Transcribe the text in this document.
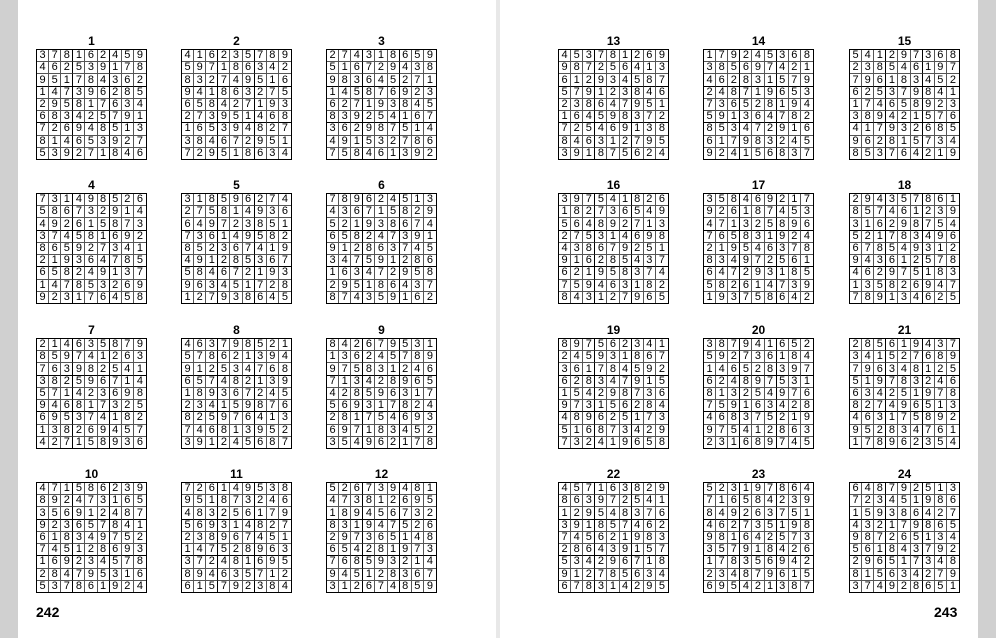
1
3 7 8 1 6 2 4 5 9
4 6 2 5 3 9 1 7 8
9 5 1 7 8 4 3 6 2
1 4 7 3 9 6 2 8 5
2 9 5 8 1 7 6 3 4
6 8 3 4 2 5 7 9 1
7 2 6 9 4 8 5 1 3
8 1 4 6 5 3 9 2 7
5 3 9 2 7 1 8 4 6
2
4 1 6 2 3 5 7 8 9
5 9 7 1 8 6 3 4 2
8 3 2 7 4 9 5 1 6
9 4 1 8 6 3 2 7 5
6 5 8 4 2 7 1 9 3
2 7 3 9 5 1 4 6 8
1 6 5 3 9 4 8 2 7
3 8 4 6 7 2 9 5 1
7 2 9 5 1 8 6 3 4
3
2 7 4 3 1 8 6 5 9
5 1 6 7 2 9 4 3 8
9 8 3 6 4 5 2 7 1
1 4 5 8 7 6 9 2 3
6 2 7 1 9 3 8 4 5
8 3 9 2 5 4 1 6 7
3 6 2 9 8 7 5 1 4
4 9 1 5 3 2 7 8 6
7 5 8 4 6 1 3 9 2
4
7 3 1 4 9 8 5 2 6
5 8 6 7 3 2 9 1 4
4 9 2 6 1 5 8 7 3
3 7 4 5 8 1 6 9 2
8 6 5 9 2 7 3 4 1
2 1 9 3 6 4 7 8 5
6 5 8 2 4 9 1 3 7
1 4 7 8 5 3 2 6 9
9 2 3 1 7 6 4 5 8
5
3 1 8 5 9 6 2 7 4
2 7 5 8 1 4 9 3 6
6 4 9 7 2 3 8 5 1
7 3 6 1 4 9 5 8 2
8 5 2 3 6 7 4 1 9
4 9 1 2 8 5 3 6 7
5 8 4 6 7 2 1 9 3
9 6 3 4 5 1 7 2 8
1 2 7 9 3 8 6 4 5
6
7 8 9 6 2 4 5 1 3
4 3 6 7 1 5 8 2 9
5 2 1 9 3 8 6 7 4
6 5 8 2 4 7 3 9 1
9 1 2 8 6 3 7 4 5
3 4 7 5 9 1 2 8 6
1 6 3 4 7 2 9 5 8
2 9 5 1 8 6 4 3 7
8 7 4 3 5 9 1 6 2
7
2 1 4 6 3 5 8 7 9
8 5 9 7 4 1 2 6 3
7 6 3 9 8 2 5 4 1
3 8 2 5 9 6 7 1 4
5 7 1 4 2 3 6 9 8
9 4 6 8 1 7 3 2 5
6 9 5 3 7 4 1 8 2
1 3 8 2 6 9 4 5 7
4 2 7 1 5 8 9 3 6
8
4 6 3 7 9 8 5 2 1
5 7 8 6 2 1 3 9 4
9 1 2 5 3 4 7 6 8
6 5 7 4 8 2 1 3 9
1 8 9 3 6 7 2 4 5
2 3 4 1 5 9 8 7 6
8 2 5 9 7 6 4 1 3
7 4 6 8 1 3 9 5 2
3 9 1 2 4 5 6 8 7
9
8 4 2 6 7 9 5 3 1
1 3 6 2 4 5 7 8 9
9 7 5 8 3 1 2 4 6
7 1 3 4 2 8 9 6 5
4 2 8 5 9 6 3 1 7
5 6 9 3 1 7 8 2 4
2 8 1 7 5 4 6 9 3
6 9 7 1 8 3 4 5 2
3 5 4 9 6 2 1 7 8
10
4 7 1 5 8 6 2 3 9
8 9 2 4 7 3 1 6 5
3 5 6 9 1 2 4 8 7
9 2 3 6 5 7 8 4 1
6 1 8 3 4 9 7 5 2
7 4 5 1 2 8 6 9 3
1 6 9 2 3 4 5 7 8
2 8 4 7 9 5 3 1 6
5 3 7 8 6 1 9 2 4
11
7 2 6 1 4 9 5 3 8
9 5 1 8 7 3 2 4 6
4 8 3 2 5 6 1 7 9
5 6 9 3 1 4 8 2 7
2 3 8 9 6 7 4 5 1
1 4 7 5 2 8 9 6 3
3 7 2 4 8 1 6 9 5
8 9 4 6 3 5 7 1 2
6 1 5 7 9 2 3 8 4
12
5 2 6 7 3 9 4 8 1
4 7 3 8 1 2 6 9 5
1 8 9 4 5 6 7 3 2
8 3 1 9 4 7 5 2 6
2 9 7 3 6 5 1 4 8
6 5 4 2 8 1 9 7 3
7 6 8 5 9 3 2 1 4
9 4 5 1 2 8 3 6 7
3 1 2 6 7 4 8 5 9
13
4 5 3 7 8 1 2 6 9
9 8 7 2 5 6 4 1 3
6 1 2 9 3 4 5 8 7
5 7 9 1 2 3 8 4 6
2 3 8 6 4 7 9 5 1
1 6 4 5 9 8 3 7 2
7 2 5 4 6 9 1 3 8
8 4 6 3 1 2 7 9 5
3 9 1 8 7 5 6 2 4
14
1 7 9 2 4 5 3 6 8
3 8 5 6 9 7 4 2 1
4 6 2 8 3 1 5 7 9
2 4 8 7 1 9 6 5 3
7 3 6 5 2 8 1 9 4
5 9 1 3 6 4 7 8 2
8 5 3 4 7 2 9 1 6
6 1 7 9 8 3 2 4 5
9 2 4 1 5 6 8 3 7
15
5 4 1 2 9 7 3 6 8
2 3 8 5 4 6 1 9 7
7 9 6 1 8 3 4 5 2
6 2 5 3 7 9 8 4 1
1 7 4 6 5 8 9 2 3
3 8 9 4 2 1 5 7 6
4 1 7 9 3 2 6 8 5
9 6 2 8 1 5 7 3 4
8 5 3 7 6 4 2 1 9
16
3 9 7 5 4 1 8 2 6
1 8 2 7 3 6 5 4 9
5 6 4 8 9 2 7 1 3
2 7 5 3 1 4 6 9 8
4 3 8 6 7 9 2 5 1
9 1 6 2 8 5 4 3 7
6 2 1 9 5 8 3 7 4
7 5 9 4 6 3 1 8 2
8 4 3 1 2 7 9 6 5
17
3 5 8 4 6 9 2 1 7
9 2 6 1 8 7 4 5 3
4 7 1 3 2 5 8 9 6
7 6 5 8 3 1 9 2 4
2 1 9 5 4 6 3 7 8
8 3 4 9 7 2 5 6 1
6 4 7 2 9 3 1 8 5
5 8 2 6 1 4 7 3 9
1 9 3 7 5 8 6 4 2
18
2 9 4 3 5 7 8 6 1
8 5 7 4 6 1 2 3 9
3 1 6 2 9 8 7 5 4
5 2 1 7 8 3 4 9 6
6 7 8 5 4 9 3 1 2
9 4 3 6 1 2 5 7 8
4 6 2 9 7 5 1 8 3
1 3 5 8 2 6 9 4 7
7 8 9 1 3 4 6 2 5
19
8 9 7 5 6 2 3 4 1
2 4 5 9 3 1 8 6 7
3 6 1 7 8 4 5 9 2
6 2 8 3 4 7 9 1 5
1 5 4 2 9 8 7 3 6
9 7 3 1 5 6 2 8 4
4 8 9 6 2 5 1 7 3
5 1 6 8 7 3 4 2 9
7 3 2 4 1 9 6 5 8
20
3 8 7 9 4 1 6 5 2
5 9 2 7 3 6 1 8 4
1 4 6 5 2 8 3 9 7
6 2 4 8 9 7 5 3 1
8 1 3 2 5 4 9 7 6
7 5 9 1 6 3 4 2 8
4 6 8 3 7 5 2 1 9
9 7 5 4 1 2 8 6 3
2 3 1 6 8 9 7 4 5
21
2 8 5 6 1 9 4 3 7
3 4 1 5 2 7 6 8 9
7 9 6 3 4 8 1 2 5
5 1 9 7 8 3 2 4 6
6 3 4 2 5 1 9 7 8
8 2 7 4 9 6 5 1 3
4 6 3 1 7 5 8 9 2
9 5 2 8 3 4 7 6 1
1 7 8 9 6 2 3 5 4
22
4 5 7 1 6 3 8 2 9
8 6 3 9 7 2 5 4 1
1 2 9 5 4 8 3 7 6
3 9 1 8 5 7 4 6 2
7 4 5 6 2 1 9 8 3
2 8 6 4 3 9 1 5 7
5 3 4 2 9 6 7 1 8
9 1 2 7 8 5 6 3 4
6 7 8 3 1 4 2 9 5
23
5 2 3 1 9 7 8 6 4
7 1 6 5 8 4 2 3 9
8 4 9 2 6 3 7 5 1
4 6 2 7 3 5 1 9 8
9 8 1 6 4 2 5 7 3
3 5 7 9 1 8 4 2 6
1 7 8 3 5 6 9 4 2
2 3 4 8 7 9 6 1 5
6 9 5 4 2 1 3 8 7
24
6 4 8 7 9 2 5 1 3
7 2 3 4 5 1 9 8 6
1 5 9 3 8 6 4 2 7
4 3 2 1 7 9 8 6 5
9 8 7 2 6 5 1 3 4
5 6 1 8 4 3 7 9 2
2 9 6 5 1 7 3 4 8
8 1 5 6 3 4 2 7 9
3 7 4 9 2 8 6 5 1
242	243
